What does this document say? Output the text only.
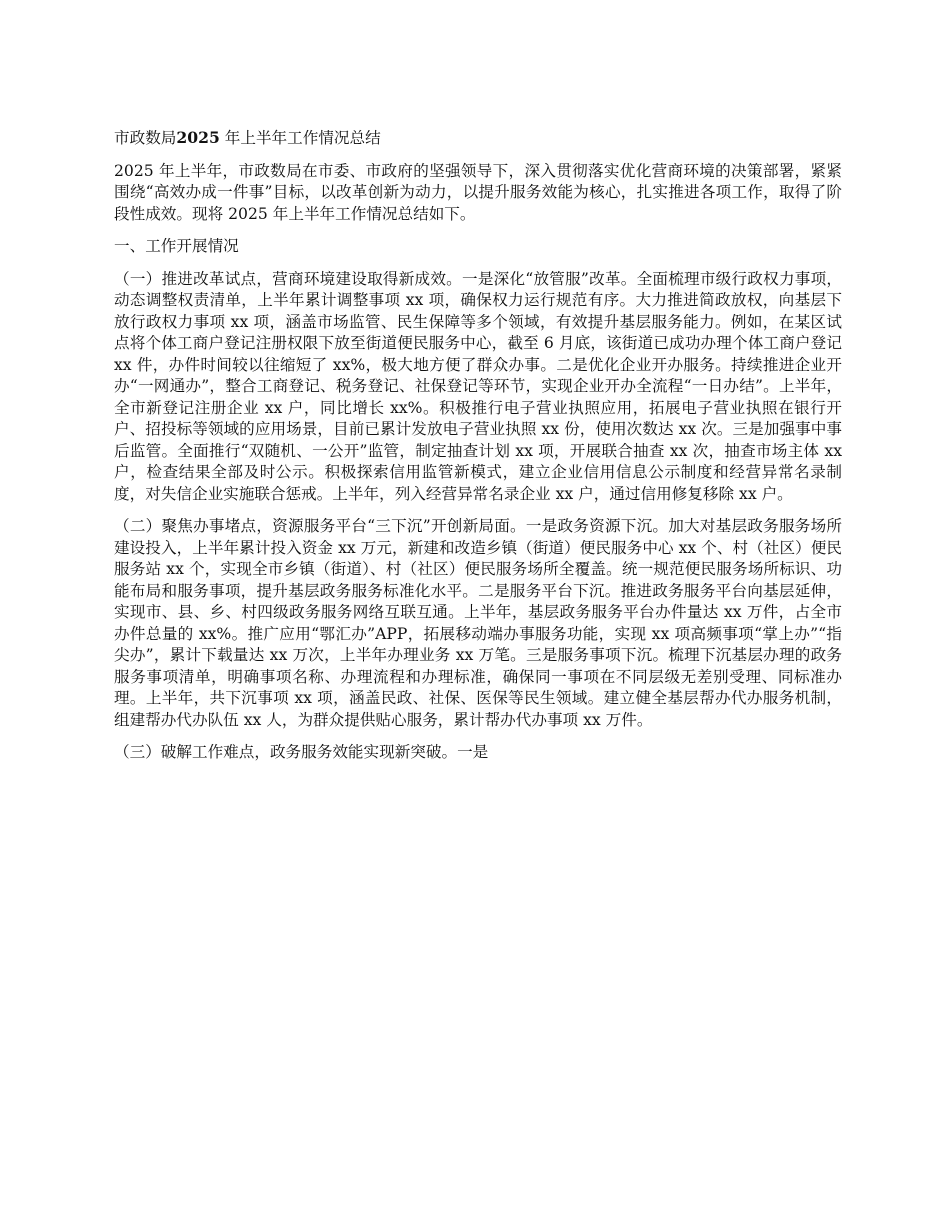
市政数局2025 年上半年工作情况总结

2025 年上半年，市政数局在市委、市政府的坚强领导下，深入贯彻落实优化营商环境的决策部署，紧紧围绕“高效办成一件事”目标，以改革创新为动力，以提升服务效能为核心，扎实推进各项工作，取得了阶段性成效。现将 2025 年上半年工作情况总结如下。

一、工作开展情况

（一）推进改革试点，营商环境建设取得新成效。一是深化“放管服”改革。全面梳理市级行政权力事项，动态调整权责清单，上半年累计调整事项 xx 项，确保权力运行规范有序。大力推进简政放权，向基层下放行政权力事项 xx 项，涵盖市场监管、民生保障等多个领域，有效提升基层服务能力。例如，在某区试点将个体工商户登记注册权限下放至街道便民服务中心，截至 6 月底，该街道已成功办理个体工商户登记 xx 件，办件时间较以往缩短了 xx%，极大地方便了群众办事。二是优化企业开办服务。持续推进企业开办“一网通办”，整合工商登记、税务登记、社保登记等环节，实现企业开办全流程“一日办结”。上半年，全市新登记注册企业 xx 户，同比增长 xx%。积极推行电子营业执照应用，拓展电子营业执照在银行开户、招投标等领域的应用场景，目前已累计发放电子营业执照 xx 份，使用次数达 xx 次。三是加强事中事后监管。全面推行“双随机、一公开”监管，制定抽查计划 xx 项，开展联合抽查 xx 次，抽查市场主体 xx 户，检查结果全部及时公示。积极探索信用监管新模式，建立企业信用信息公示制度和经营异常名录制度，对失信企业实施联合惩戒。上半年，列入经营异常名录企业 xx 户，通过信用修复移除 xx 户。

（二）聚焦办事堵点，资源服务平台“三下沉”开创新局面。一是政务资源下沉。加大对基层政务服务场所建设投入，上半年累计投入资金 xx 万元，新建和改造乡镇（街道）便民服务中心 xx 个、村（社区）便民服务站 xx 个，实现全市乡镇（街道）、村（社区）便民服务场所全覆盖。统一规范便民服务场所标识、功能布局和服务事项，提升基层政务服务标准化水平。二是服务平台下沉。推进政务服务平台向基层延伸，实现市、县、乡、村四级政务服务网络互联互通。上半年，基层政务服务平台办件量达 xx 万件，占全市办件总量的 xx%。推广应用“鄂汇办”APP，拓展移动端办事服务功能，实现 xx 项高频事项“掌上办”“指尖办”，累计下载量达 xx 万次，上半年办理业务 xx 万笔。三是服务事项下沉。梳理下沉基层办理的政务服务事项清单，明确事项名称、办理流程和办理标准，确保同一事项在不同层级无差别受理、同标准办理。上半年，共下沉事项 xx 项，涵盖民政、社保、医保等民生领域。建立健全基层帮办代办服务机制，组建帮办代办队伍 xx 人，为群众提供贴心服务，累计帮办代办事项 xx 万件。

（三）破解工作难点，政务服务效能实现新突破。一是
